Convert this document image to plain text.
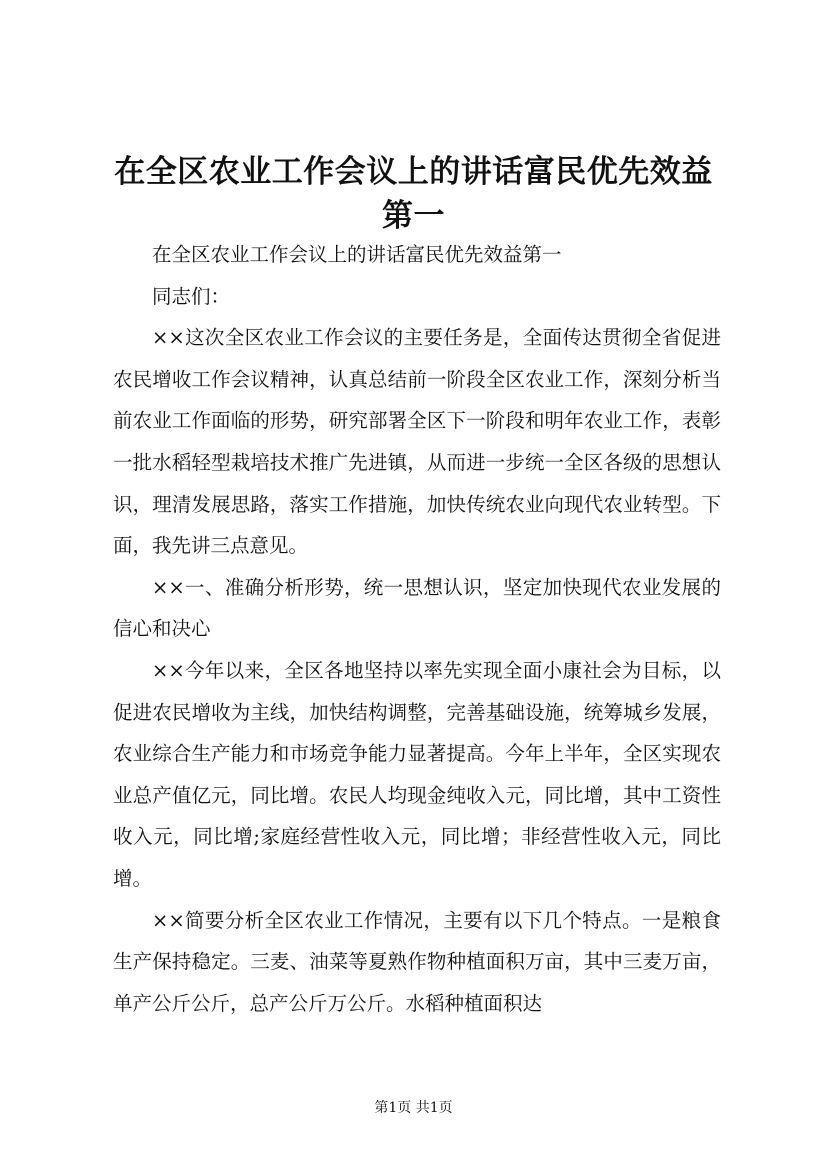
在全区农业工作会议上的讲话富民优先效益第一

在全区农业工作会议上的讲话富民优先效益第一

同志们：

××这次全区农业工作会议的主要任务是，全面传达贯彻全省促进农民增收工作会议精神，认真总结前一阶段全区农业工作，深刻分析当前农业工作面临的形势，研究部署全区下一阶段和明年农业工作，表彰一批水稻轻型栽培技术推广先进镇，从而进一步统一全区各级的思想认识，理清发展思路，落实工作措施，加快传统农业向现代农业转型。下面，我先讲三点意见。

××一、准确分析形势，统一思想认识，坚定加快现代农业发展的信心和决心

××今年以来，全区各地坚持以率先实现全面小康社会为目标，以促进农民增收为主线，加快结构调整，完善基础设施，统筹城乡发展，农业综合生产能力和市场竞争能力显著提高。今年上半年，全区实现农业总产值亿元，同比增。农民人均现金纯收入元，同比增，其中工资性收入元，同比增;家庭经营性收入元，同比增；非经营性收入元，同比增。

××简要分析全区农业工作情况，主要有以下几个特点。一是粮食生产保持稳定。三麦、油菜等夏熟作物种植面积万亩，其中三麦万亩，单产公斤公斤，总产公斤万公斤。水稻种植面积达

第1页 共1页
